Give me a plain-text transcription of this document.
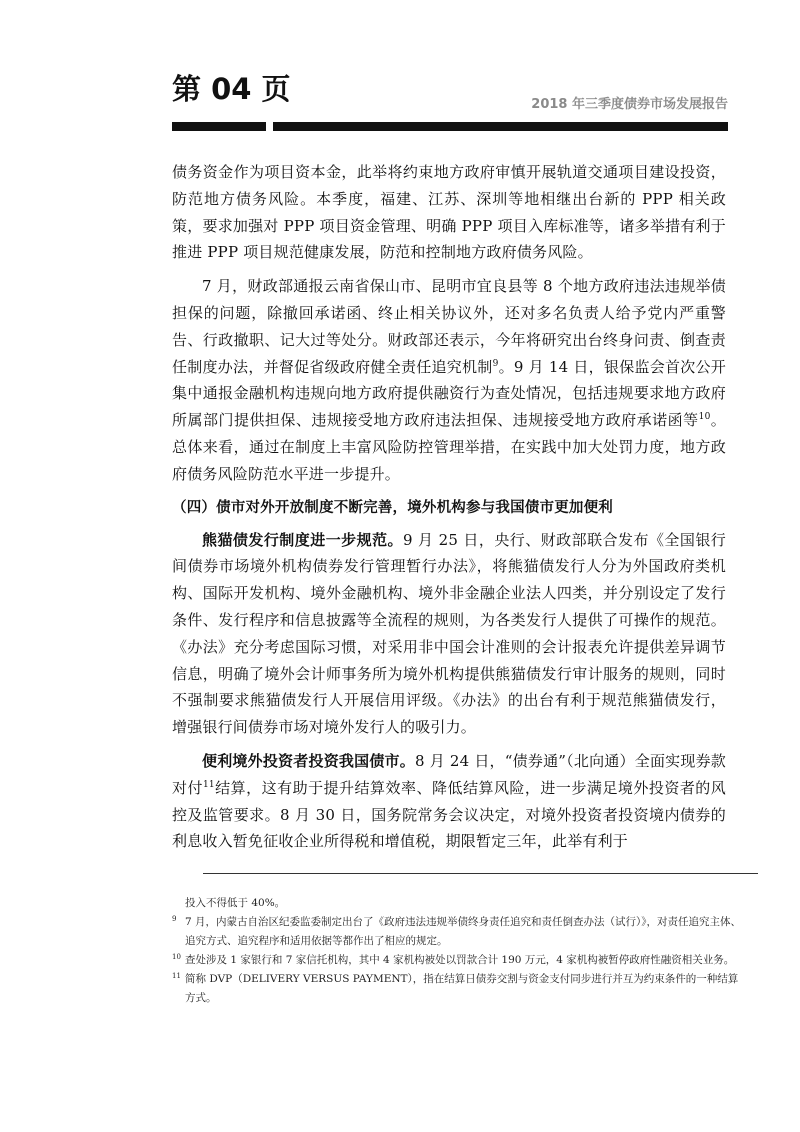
第 04 页	2018 年三季度债券市场发展报告

债务资金作为项目资本金，此举将约束地方政府审慎开展轨道交通项目建设投资，防范地方债务风险。本季度，福建、江苏、深圳等地相继出台新的 PPP 相关政策，要求加强对 PPP 项目资金管理、明确 PPP 项目入库标准等，诸多举措有利于推进 PPP 项目规范健康发展，防范和控制地方政府债务风险。

7 月，财政部通报云南省保山市、昆明市宜良县等 8 个地方政府违法违规举债担保的问题，除撤回承诺函、终止相关协议外，还对多名负责人给予党内严重警告、行政撤职、记大过等处分。财政部还表示，今年将研究出台终身问责、倒查责任制度办法，并督促省级政府健全责任追究机制$^9$。9 月 14 日，银保监会首次公开集中通报金融机构违规向地方政府提供融资行为查处情况，包括违规要求地方政府所属部门提供担保、违规接受地方政府违法担保、违规接受地方政府承诺函等$^{10}$。总体来看，通过在制度上丰富风险防控管理举措，在实践中加大处罚力度，地方政府债务风险防范水平进一步提升。

（四）债市对外开放制度不断完善，境外机构参与我国债市更加便利

熊猫债发行制度进一步规范。9 月 25 日，央行、财政部联合发布《全国银行间债券市场境外机构债券发行管理暂行办法》，将熊猫债发行人分为外国政府类机构、国际开发机构、境外金融机构、境外非金融企业法人四类，并分别设定了发行条件、发行程序和信息披露等全流程的规则，为各类发行人提供了可操作的规范。《办法》充分考虑国际习惯，对采用非中国会计准则的会计报表允许提供差异调节信息，明确了境外会计师事务所为境外机构提供熊猫债发行审计服务的规则，同时不强制要求熊猫债发行人开展信用评级。《办法》的出台有利于规范熊猫债发行，增强银行间债券市场对境外发行人的吸引力。

便利境外投资者投资我国债市。8 月 24 日，“债券通”（北向通）全面实现券款对付$^{11}$结算，这有助于提升结算效率、降低结算风险，进一步满足境外投资者的风控及监管要求。8 月 30 日，国务院常务会议决定，对境外投资者投资境内债券的利息收入暂免征收企业所得税和增值税，期限暂定三年，此举有利于

投入不得低于 40%。

9 7 月，内蒙古自治区纪委监委制定出台了《政府违法违规举债终身责任追究和责任倒查办法（试行）》，对责任追究主体、追究方式、追究程序和适用依据等都作出了相应的规定。

10 查处涉及 1 家银行和 7 家信托机构，其中 4 家机构被处以罚款合计 190 万元，4 家机构被暂停政府性融资相关业务。

11 简称 DVP（DELIVERY VERSUS PAYMENT），指在结算日债券交割与资金支付同步进行并互为约束条件的一种结算方式。
